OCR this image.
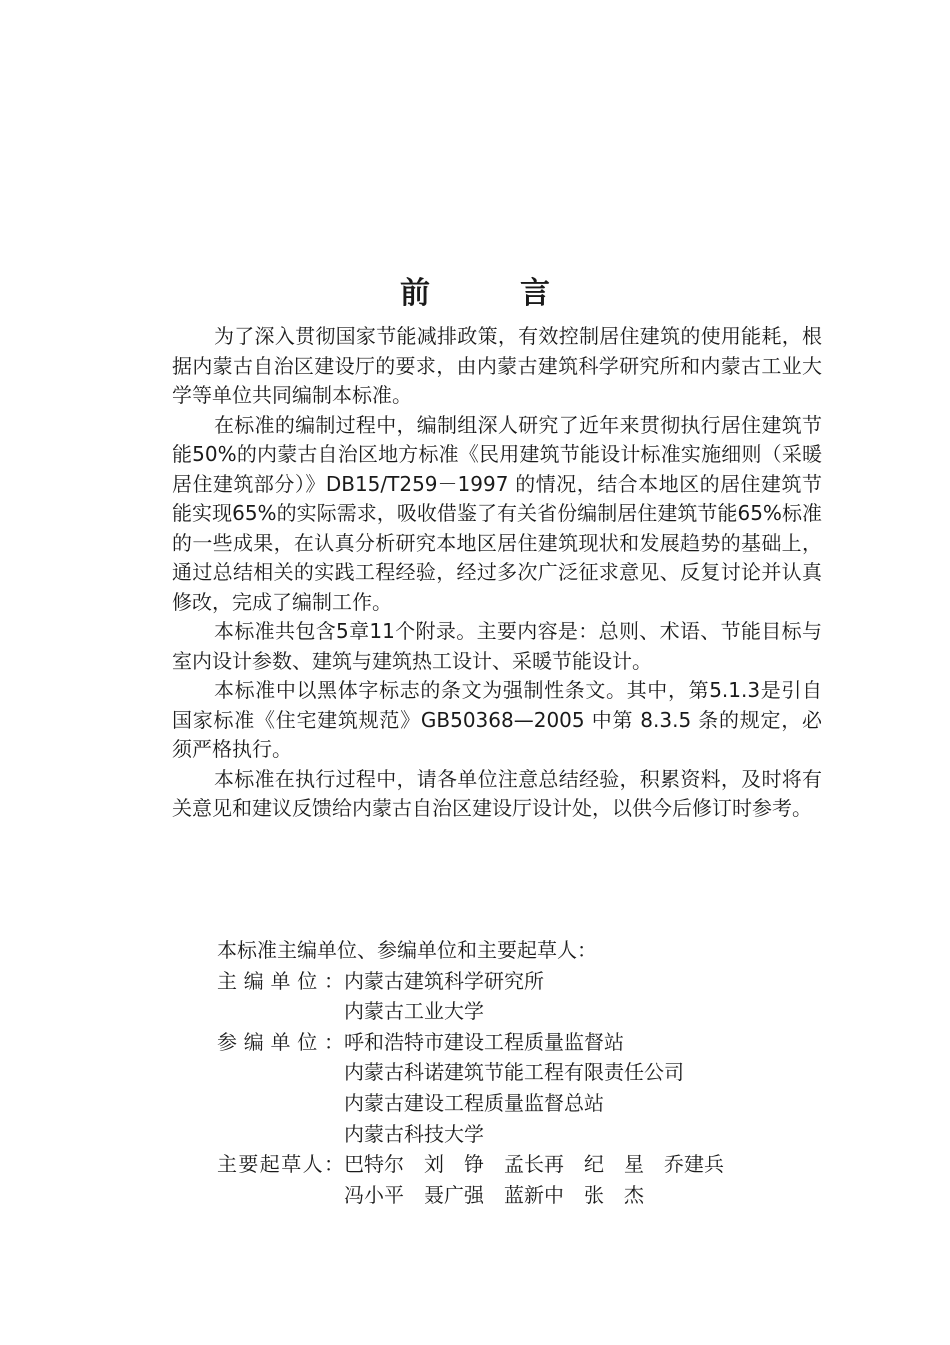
前	言

为了深入贯彻国家节能减排政策，有效控制居住建筑的使用能耗，根据内蒙古自治区建设厅的要求，由内蒙古建筑科学研究所和内蒙古工业大学等单位共同编制本标准。

在标准的编制过程中，编制组深人研究了近年来贯彻执行居住建筑节能50%的内蒙古自治区地方标准《民用建筑节能设计标准实施细则（采暖居住建筑部分）》DB15/T259－1997 的情况，结合本地区的居住建筑节能实现65%的实际需求，吸收借鉴了有关省份编制居住建筑节能65%标准的一些成果，在认真分析研究本地区居住建筑现状和发展趋势的基础上，通过总结相关的实践工程经验，经过多次广泛征求意见、反复讨论并认真修改，完成了编制工作。

本标准共包含5章11个附录。主要内容是：总则、术语、节能目标与室内设计参数、建筑与建筑热工设计、采暖节能设计。

本标准中以黑体字标志的条文为强制性条文。其中，第5.1.3是引自国家标准《住宅建筑规范》GB50368—2005 中第 8.3.5 条的规定，必须严格执行。

本标准在执行过程中，请各单位注意总结经验，积累资料，及时将有关意见和建议反馈给内蒙古自治区建设厅设计处，以供今后修订时参考。

本标准主编单位、参编单位和主要起草人：
主编单位： 内蒙古建筑科学研究所
内蒙古工业大学
参编单位： 呼和浩特市建设工程质量监督站
内蒙古科诺建筑节能工程有限责任公司
内蒙古建设工程质量监督总站
内蒙古科技大学
主要起草人： 巴特尔　刘　铮　孟长再　纪　星　乔建兵
冯小平　聂广强　蓝新中　张　杰
